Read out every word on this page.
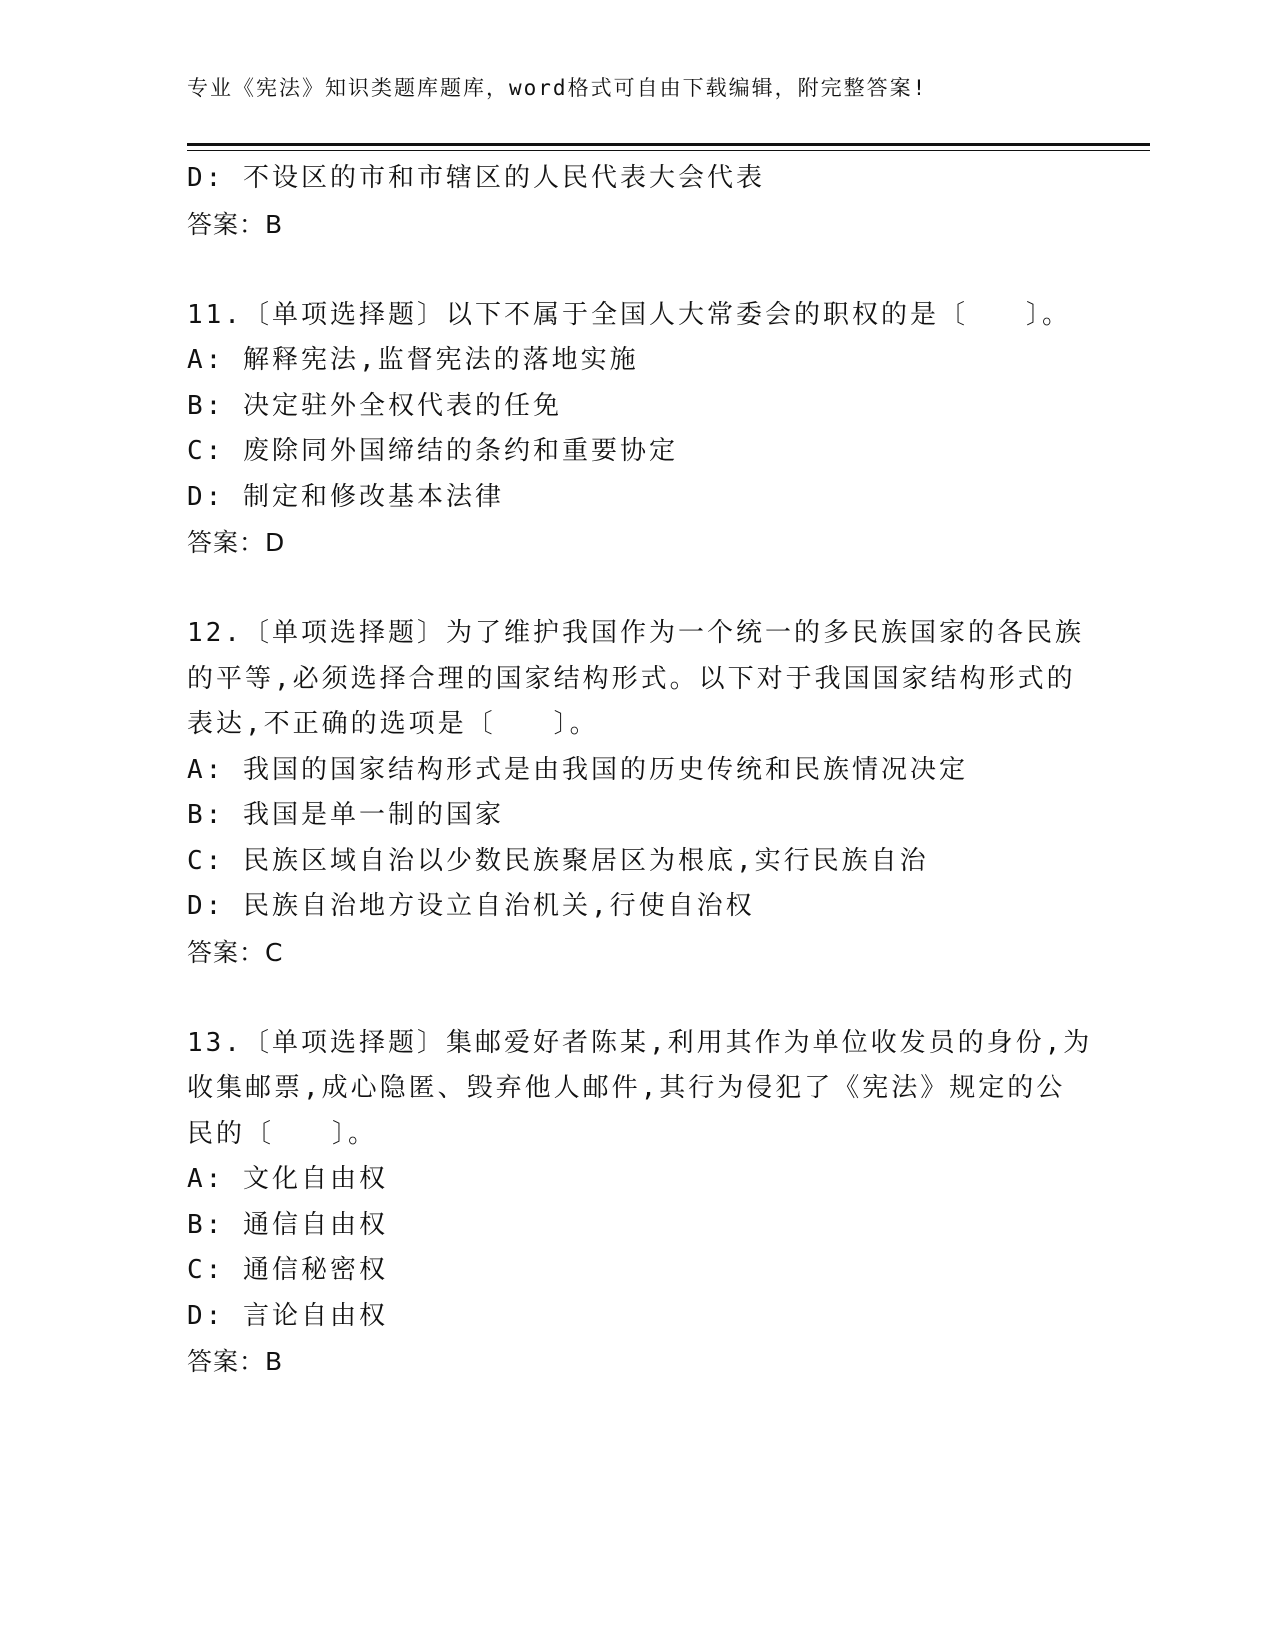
专业《宪法》知识类题库题库，word格式可自由下载编辑，附完整答案!
D: 不设区的市和市辖区的人民代表大会代表
答案：B
11.〔单项选择题〕以下不属于全国人大常委会的职权的是〔　　〕。
A: 解释宪法,监督宪法的落地实施
B: 决定驻外全权代表的任免
C: 废除同外国缔结的条约和重要协定
D: 制定和修改基本法律
答案：D
12.〔单项选择题〕为了维护我国作为一个统一的多民族国家的各民族
的平等,必须选择合理的国家结构形式。以下对于我国国家结构形式的
表达,不正确的选项是〔　　〕。
A: 我国的国家结构形式是由我国的历史传统和民族情况决定
B: 我国是单一制的国家
C: 民族区域自治以少数民族聚居区为根底,实行民族自治
D: 民族自治地方设立自治机关,行使自治权
答案：C
13.〔单项选择题〕集邮爱好者陈某,利用其作为单位收发员的身份,为
收集邮票,成心隐匿、毁弃他人邮件,其行为侵犯了《宪法》规定的公
民的〔　　〕。
A: 文化自由权
B: 通信自由权
C: 通信秘密权
D: 言论自由权
答案：B
